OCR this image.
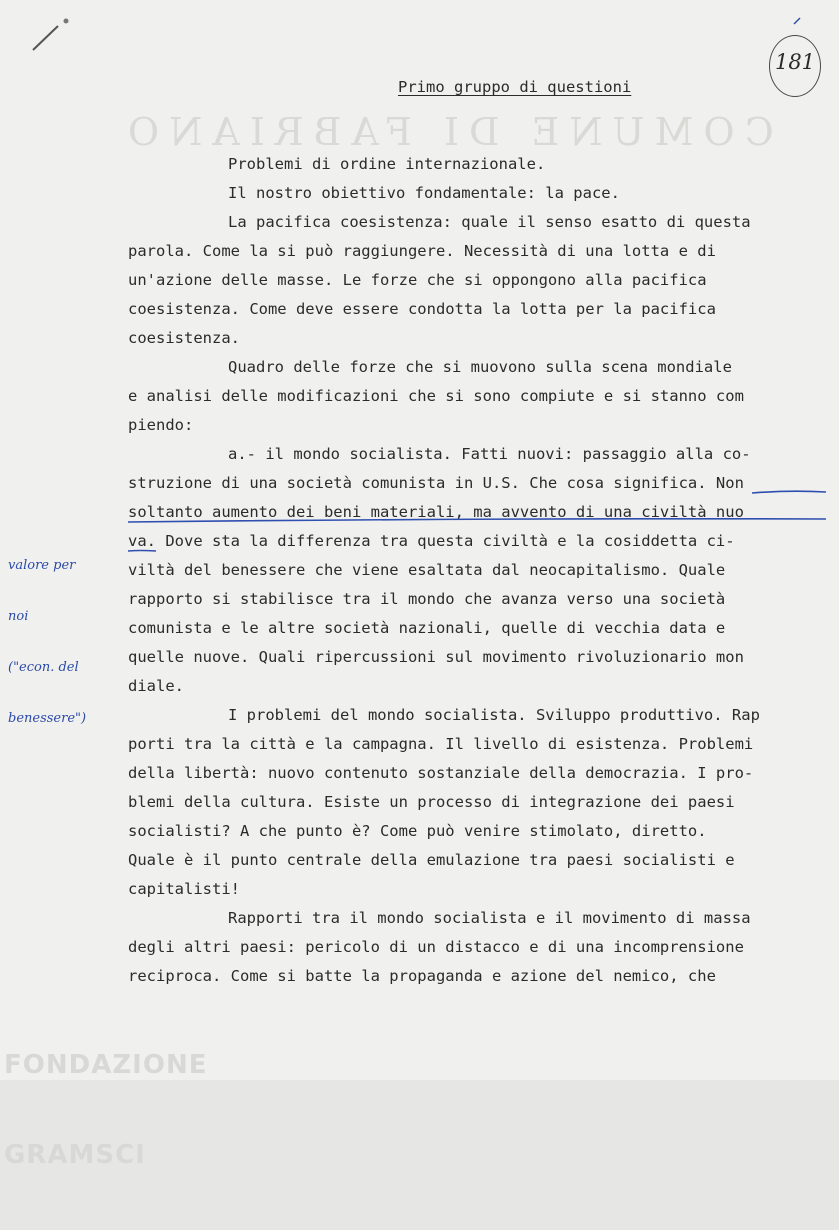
COMUNE DI FABRIANO

181

Primo gruppo di questioni

Problemi di ordine internazionale.

Il nostro obiettivo fondamentale: la pace.

La pacifica coesistenza: quale il senso esatto di questa

parola. Come la si può raggiungere. Necessità di una lotta e di

un'azione delle masse. Le forze che si oppongono alla pacifica

coesistenza. Come deve essere condotta la lotta per la pacifica

coesistenza.

Quadro delle forze che si muovono sulla scena mondiale

e analisi delle modificazioni che si sono compiute e si stanno com

piendo:

a.- il mondo socialista. Fatti nuovi: passaggio alla co-

struzione di una società comunista in U.S. Che cosa significa. Non

soltanto aumento dei beni materiali, ma avvento di una civiltà nuo

va. Dove sta la differenza tra questa civiltà e la cosiddetta ci-

viltà del benessere che viene esaltata dal neocapitalismo. Quale

rapporto si stabilisce tra il mondo che avanza verso una società

comunista e le altre società nazionali, quelle di vecchia data e

quelle nuove. Quali ripercussioni sul movimento rivoluzionario mon

diale.

I problemi del mondo socialista. Sviluppo produttivo. Rap

porti tra la città e la campagna. Il livello di esistenza. Problemi

della libertà: nuovo contenuto sostanziale della democrazia. I pro-

blemi della cultura. Esiste un processo di integrazione dei paesi

socialisti? A che punto è? Come può venire stimolato, diretto.

Quale è il punto centrale della emulazione tra paesi socialisti e

capitalisti!

Rapporti tra il mondo socialista e il movimento di massa

degli altri paesi: pericolo di un distacco e di una incomprensione

reciproca. Come si batte la propaganda e azione del nemico, che

valore per

noi

("econ. del

benessere")

FONDAZIONE

GRAMSCI
